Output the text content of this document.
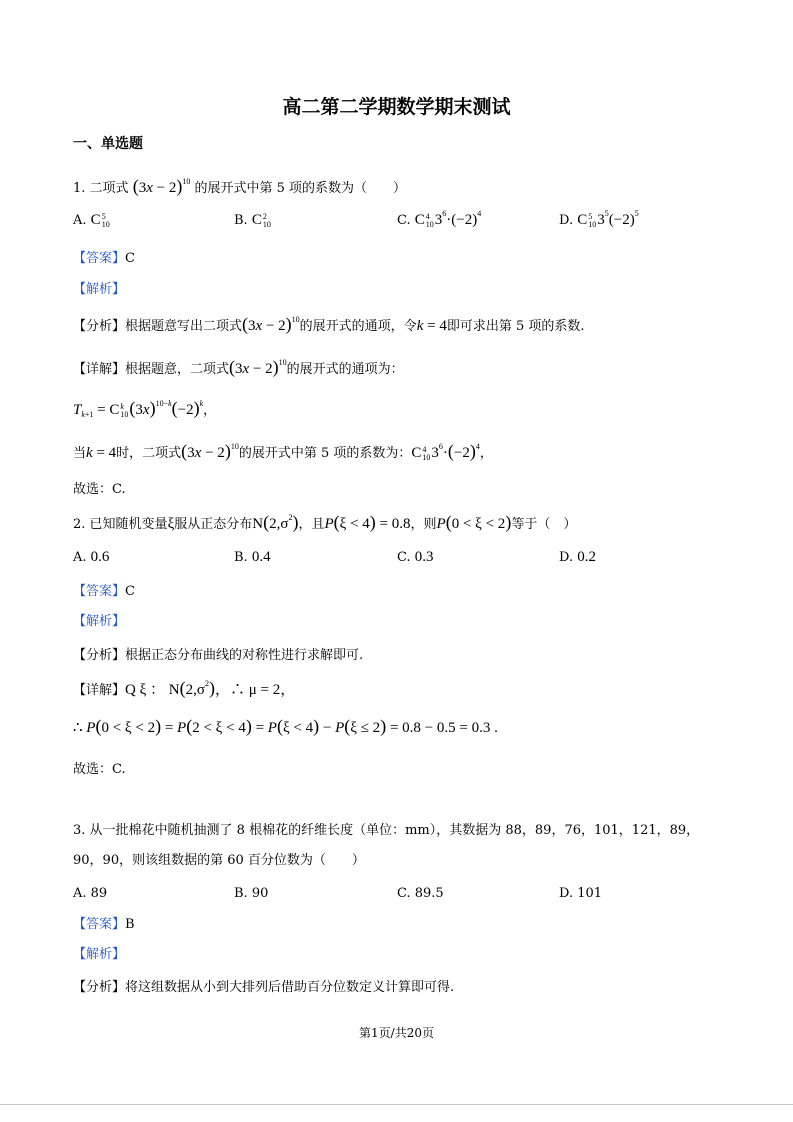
高二第二学期数学期末测试
一、单选题
1. 二项式 $(3x - 2)^{10}$ 的展开式中第 5 项的系数为（　　）
A. C 5
10	B. C 2
10	C. C 4
10 $3^6\cdot(-2)^4$	D. C 5
10 $3^5(-2)^5$
【答案】C
【解析】
【分析】根据题意写出二项式$(3x - 2)^{10}$的展开式的通项，令k = 4即可求出第 5 项的系数.
【详解】根据题意，二项式$(3x - 2)^{10}$的展开式的通项为：
$T_{k+1} = C$ k
10 $(3x)^{10-k}(-2)^k$，
当k = 4时，二项式$(3x - 2)^{10}$的展开式中第 5 项的系数为：C 4
10 $3^6\cdot(-2)^4$，
故选：C.
2. 已知随机变量ξ服从正态分布$N(2,\sigma^2)$，且P(ξ < 4) = 0.8，则P(0 < ξ < 2)等于（　）
A. 0.6	B. 0.4	C. 0.3	D. 0.2
【答案】C
【解析】
【分析】根据正态分布曲线的对称性进行求解即可.
【详解】Q ξ ： $N(2,\sigma^2)$，∴ μ = 2，
∴ P(0 < ξ < 2) = P(2 < ξ < 4) = P(ξ < 4) − P(ξ ≤ 2) = 0.8 − 0.5 = 0.3 .
故选：C.
3. 从一批棉花中随机抽测了 8 根棉花的纤维长度（单位：mm），其数据为 88，89，76，101，121，89，
90，90，则该组数据的第 60 百分位数为（　　）
A. 89	B. 90	C. 89.5	D. 101
【答案】B
【解析】
【分析】将这组数据从小到大排列后借助百分位数定义计算即可得.
第1页/共20页
